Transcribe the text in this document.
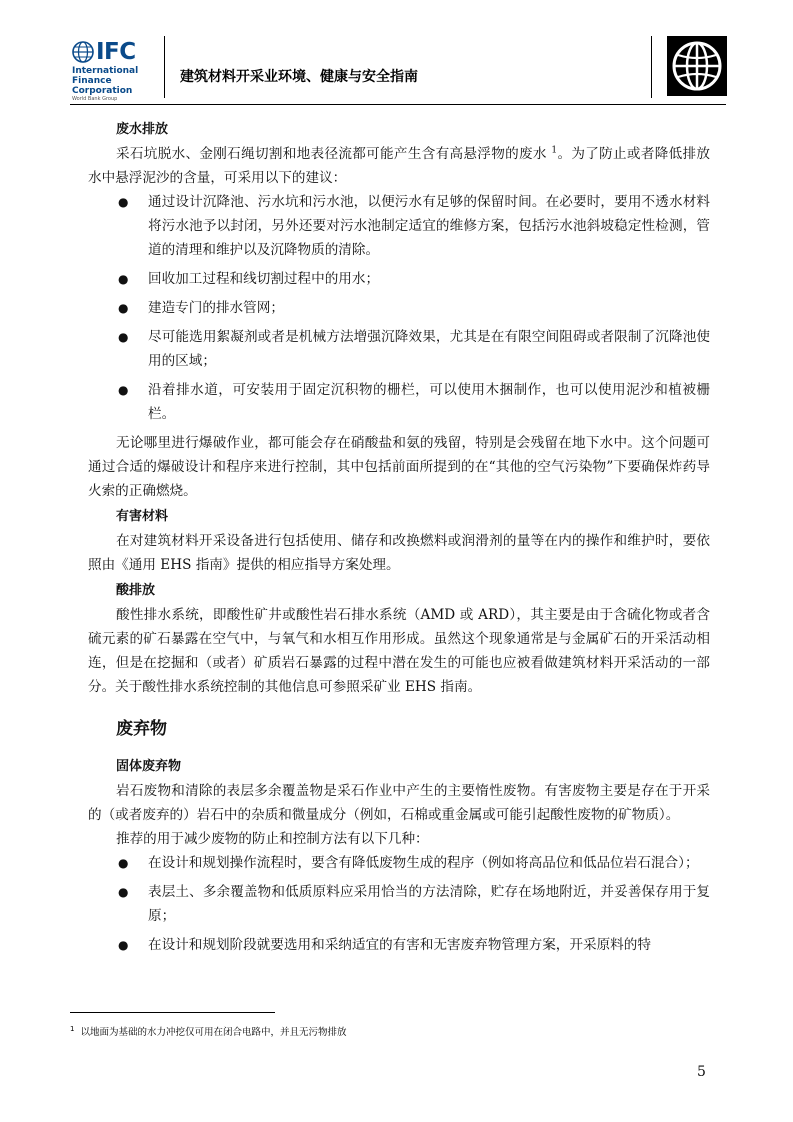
IFC
International
Finance
Corporation
World Bank Group
建筑材料开采业环境、健康与安全指南
废水排放

采石坑脱水、金刚石绳切割和地表径流都可能产生含有高悬浮物的废水 $^1$。为了防止或者降低排放水中悬浮泥沙的含量，可采用以下的建议：

● 通过设计沉降池、污水坑和污水池，以便污水有足够的保留时间。在必要时，要用不透水材料将污水池予以封闭，另外还要对污水池制定适宜的维修方案，包括污水池斜坡稳定性检测，管道的清理和维护以及沉降物质的清除。
● 回收加工过程和线切割过程中的用水；
● 建造专门的排水管网；
● 尽可能选用絮凝剂或者是机械方法增强沉降效果，尤其是在有限空间阻碍或者限制了沉降池使用的区域；
● 沿着排水道，可安装用于固定沉积物的栅栏，可以使用木捆制作，也可以使用泥沙和植被栅栏。

无论哪里进行爆破作业，都可能会存在硝酸盐和氨的残留，特别是会残留在地下水中。这个问题可通过合适的爆破设计和程序来进行控制，其中包括前面所提到的在“其他的空气污染物”下要确保炸药导火索的正确燃烧。

有害材料

在对建筑材料开采设备进行包括使用、储存和改换燃料或润滑剂的量等在内的操作和维护时，要依照由《通用 EHS 指南》提供的相应指导方案处理。

酸排放

酸性排水系统，即酸性矿井或酸性岩石排水系统（AMD 或 ARD），其主要是由于含硫化物或者含硫元素的矿石暴露在空气中，与氧气和水相互作用形成。虽然这个现象通常是与金属矿石的开采活动相连，但是在挖掘和（或者）矿质岩石暴露的过程中潜在发生的可能也应被看做建筑材料开采活动的一部分。关于酸性排水系统控制的其他信息可参照采矿业 EHS 指南。

废弃物
固体废弃物

岩石废物和清除的表层多余覆盖物是采石作业中产生的主要惰性废物。有害废物主要是存在于开采的（或者废弃的）岩石中的杂质和微量成分（例如，石棉或重金属或可能引起酸性废物的矿物质）。

推荐的用于减少废物的防止和控制方法有以下几种：

● 在设计和规划操作流程时，要含有降低废物生成的程序（例如将高品位和低品位岩石混合）；
● 表层土、多余覆盖物和低质原料应采用恰当的方法清除，贮存在场地附近，并妥善保存用于复原；
● 在设计和规划阶段就要选用和采纳适宜的有害和无害废弃物管理方案，开采原料的特
$^1$ 以地面为基础的水力冲挖仅可用在闭合电路中，并且无污物排放
5
